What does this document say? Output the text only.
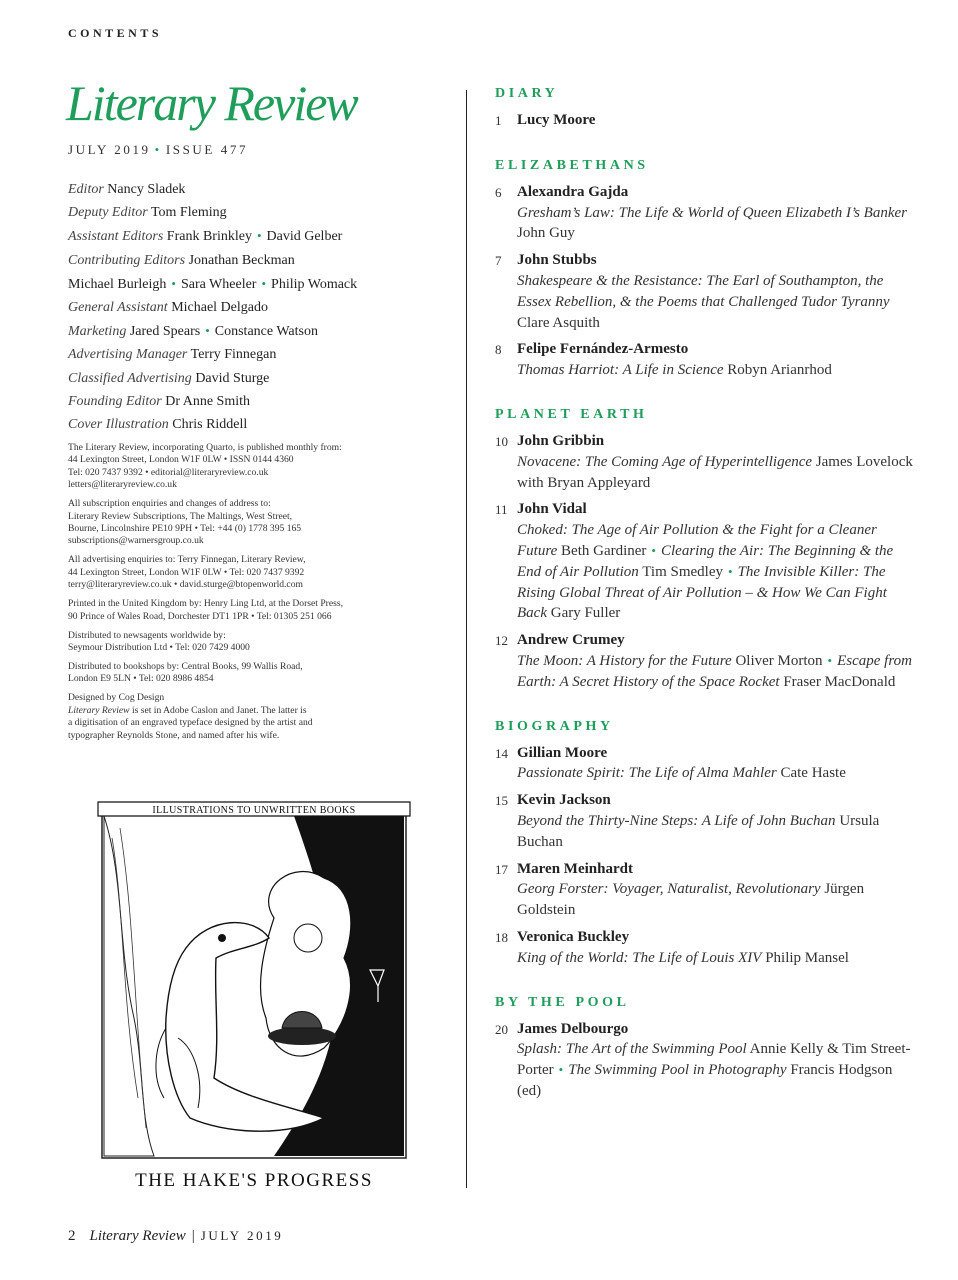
CONTENTS
Literary Review
JULY 2019 • ISSUE 477
Editor Nancy Sladek
Deputy Editor Tom Fleming
Assistant Editors Frank Brinkley • David Gelber
Contributing Editors Jonathan Beckman
Michael Burleigh • Sara Wheeler • Philip Womack
General Assistant Michael Delgado
Marketing Jared Spears • Constance Watson
Advertising Manager Terry Finnegan
Classified Advertising David Sturge
Founding Editor Dr Anne Smith
Cover Illustration Chris Riddell

The Literary Review, incorporating Quarto, is published monthly from:
44 Lexington Street, London W1F 0LW • ISSN 0144 4360
Tel: 020 7437 9392 • editorial@literaryreview.co.uk
letters@literaryreview.co.uk

All subscription enquiries and changes of address to:
Literary Review Subscriptions, The Maltings, West Street,
Bourne, Lincolnshire PE10 9PH • Tel: +44 (0) 1778 395 165
subscriptions@warnersgroup.co.uk

All advertising enquiries to: Terry Finnegan, Literary Review,
44 Lexington Street, London W1F 0LW • Tel: 020 7437 9392
terry@literaryreview.co.uk • david.sturge@btopenworld.com

Printed in the United Kingdom by: Henry Ling Ltd, at the Dorset Press,
90 Prince of Wales Road, Dorchester DT1 1PR • Tel: 01305 251 066

Distributed to newsagents worldwide by:
Seymour Distribution Ltd • Tel: 020 7429 4000

Distributed to bookshops by: Central Books, 99 Wallis Road,
London E9 5LN • Tel: 020 8986 4854

Designed by Cog Design
Literary Review is set in Adobe Caslon and Janet. The latter is
a digitisation of an engraved typeface designed by the artist and
typographer Reynolds Stone, and named after his wife.

ILLUSTRATIONS TO UNWRITTEN BOOKS
THE HAKE'S PROGRESS
DIARY
1	Lucy Moore
ELIZABETHANS
6	Alexandra Gajda
Gresham’s Law: The Life & World of Queen Elizabeth I’s Banker John Guy
7	John Stubbs
Shakespeare & the Resistance: The Earl of Southampton, the Essex Rebellion, & the Poems that Challenged Tudor Tyranny Clare Asquith
8	Felipe Fernández-Armesto
Thomas Harriot: A Life in Science Robyn Arianrhod
PLANET EARTH
10 John Gribbin
Novacene: The Coming Age of Hyperintelligence James Lovelock with Bryan Appleyard
11 John Vidal
Choked: The Age of Air Pollution & the Fight for a Cleaner Future Beth Gardiner • Clearing the Air: The Beginning & the End of Air Pollution Tim Smedley • The Invisible Killer: The Rising Global Threat of Air Pollution – & How We Can Fight Back Gary Fuller
12 Andrew Crumey
The Moon: A History for the Future Oliver Morton • Escape from Earth: A Secret History of the Space Rocket Fraser MacDonald
BIOGRAPHY
14 Gillian Moore
Passionate Spirit: The Life of Alma Mahler Cate Haste
15 Kevin Jackson
Beyond the Thirty-Nine Steps: A Life of John Buchan Ursula Buchan
17 Maren Meinhardt
Georg Forster: Voyager, Naturalist, Revolutionary Jürgen Goldstein
18 Veronica Buckley
King of the World: The Life of Louis XIV Philip Mansel
BY THE POOL
20 James Delbourgo
Splash: The Art of the Swimming Pool Annie Kelly & Tim Street-Porter • The Swimming Pool in Photography Francis Hodgson (ed)
2 Literary Review | JULY 2019
